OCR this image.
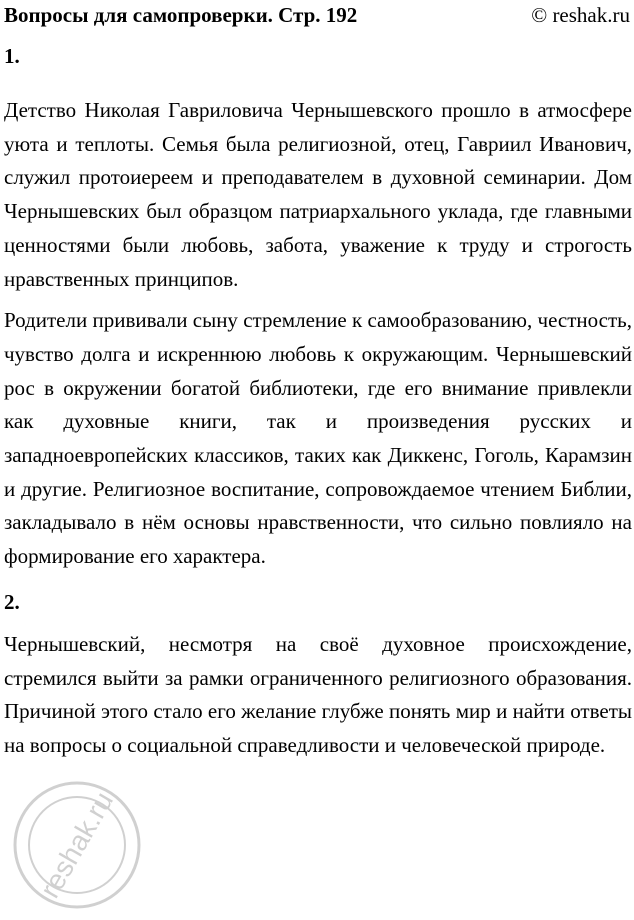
Вопросы для самопроверки. Стр. 192	© reshak.ru
1.

Детство Николая Гавриловича Чернышевского прошло в атмосфере уюта и теплоты. Семья была религиозной, отец, Гавриил Иванович, служил протоиереем и преподавателем в духовной семинарии. Дом Чернышевских был образцом патриархального уклада, где главными ценностями были любовь, забота, уважение к труду и строгость нравственных принципов.

Родители прививали сыну стремление к самообразованию, честность, чувство долга и искреннюю любовь к окружающим. Чернышевский рос в окружении богатой библиотеки, где его внимание привлекли как духовные книги, так и произведения русских и западноевропейских классиков, таких как Диккенс, Гоголь, Карамзин и другие. Религиозное воспитание, сопровождаемое чтением Библии, закладывало в нём основы нравственности, что сильно повлияло на формирование его характера.

2.

Чернышевский, несмотря на своё духовное происхождение, стремился выйти за рамки ограниченного религиозного образования. Причиной этого стало его желание глубже понять мир и найти ответы на вопросы о социальной справедливости и человеческой природе.

reshak.ru
